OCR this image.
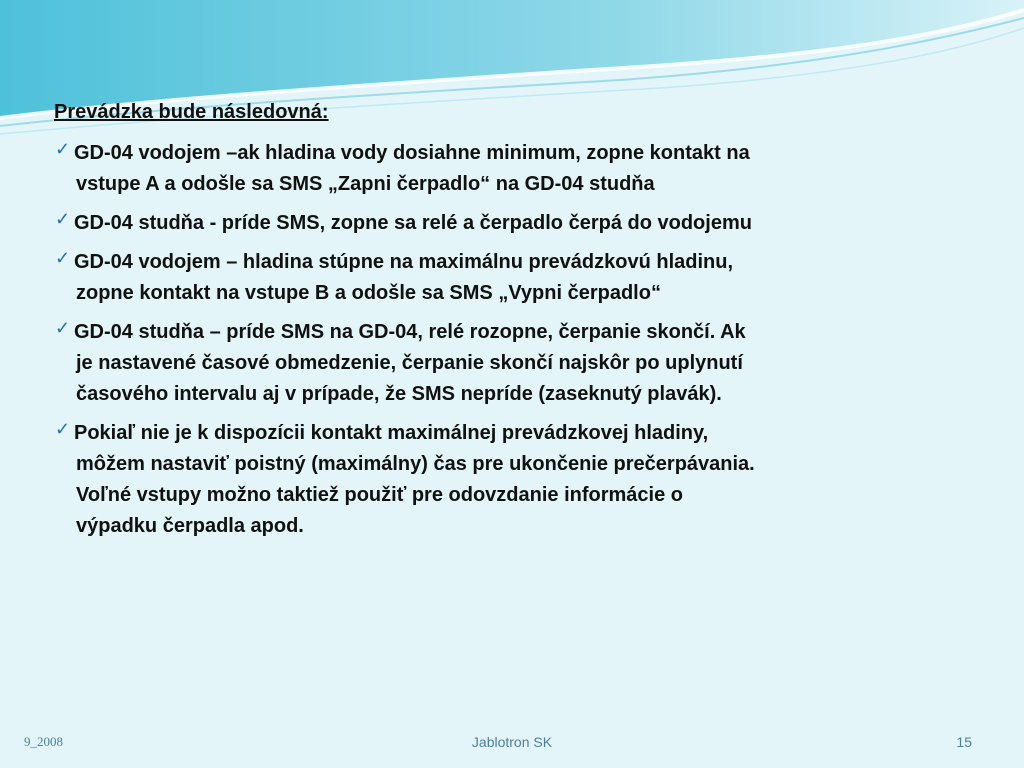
Prevádzka bude následovná:
✓ GD-04 vodojem –ak hladina vody dosiahne minimum, zopne kontakt na
vstupe A a odošle sa SMS „Zapni čerpadlo“ na GD-04 studňa
✓ GD-04 studňa - príde SMS, zopne sa relé a čerpadlo čerpá do vodojemu
✓ GD-04 vodojem – hladina stúpne na maximálnu prevádzkovú hladinu,
zopne kontakt na vstupe B a odošle sa SMS „Vypni čerpadlo“
✓ GD-04 studňa – príde SMS na GD-04, relé rozopne, čerpanie skončí. Ak
je nastavené časové obmedzenie, čerpanie skončí najskôr po uplynutí
časového intervalu aj v prípade, že SMS nepríde (zaseknutý plavák).
✓ Pokiaľ nie je k dispozícii kontakt maximálnej prevádzkovej hladiny,
môžem nastaviť poistný (maximálny) čas pre ukončenie prečerpávania.
Voľné vstupy možno taktiež použiť pre odovzdanie informácie o
výpadku čerpadla apod.
9_2008	Jablotron SK	15
